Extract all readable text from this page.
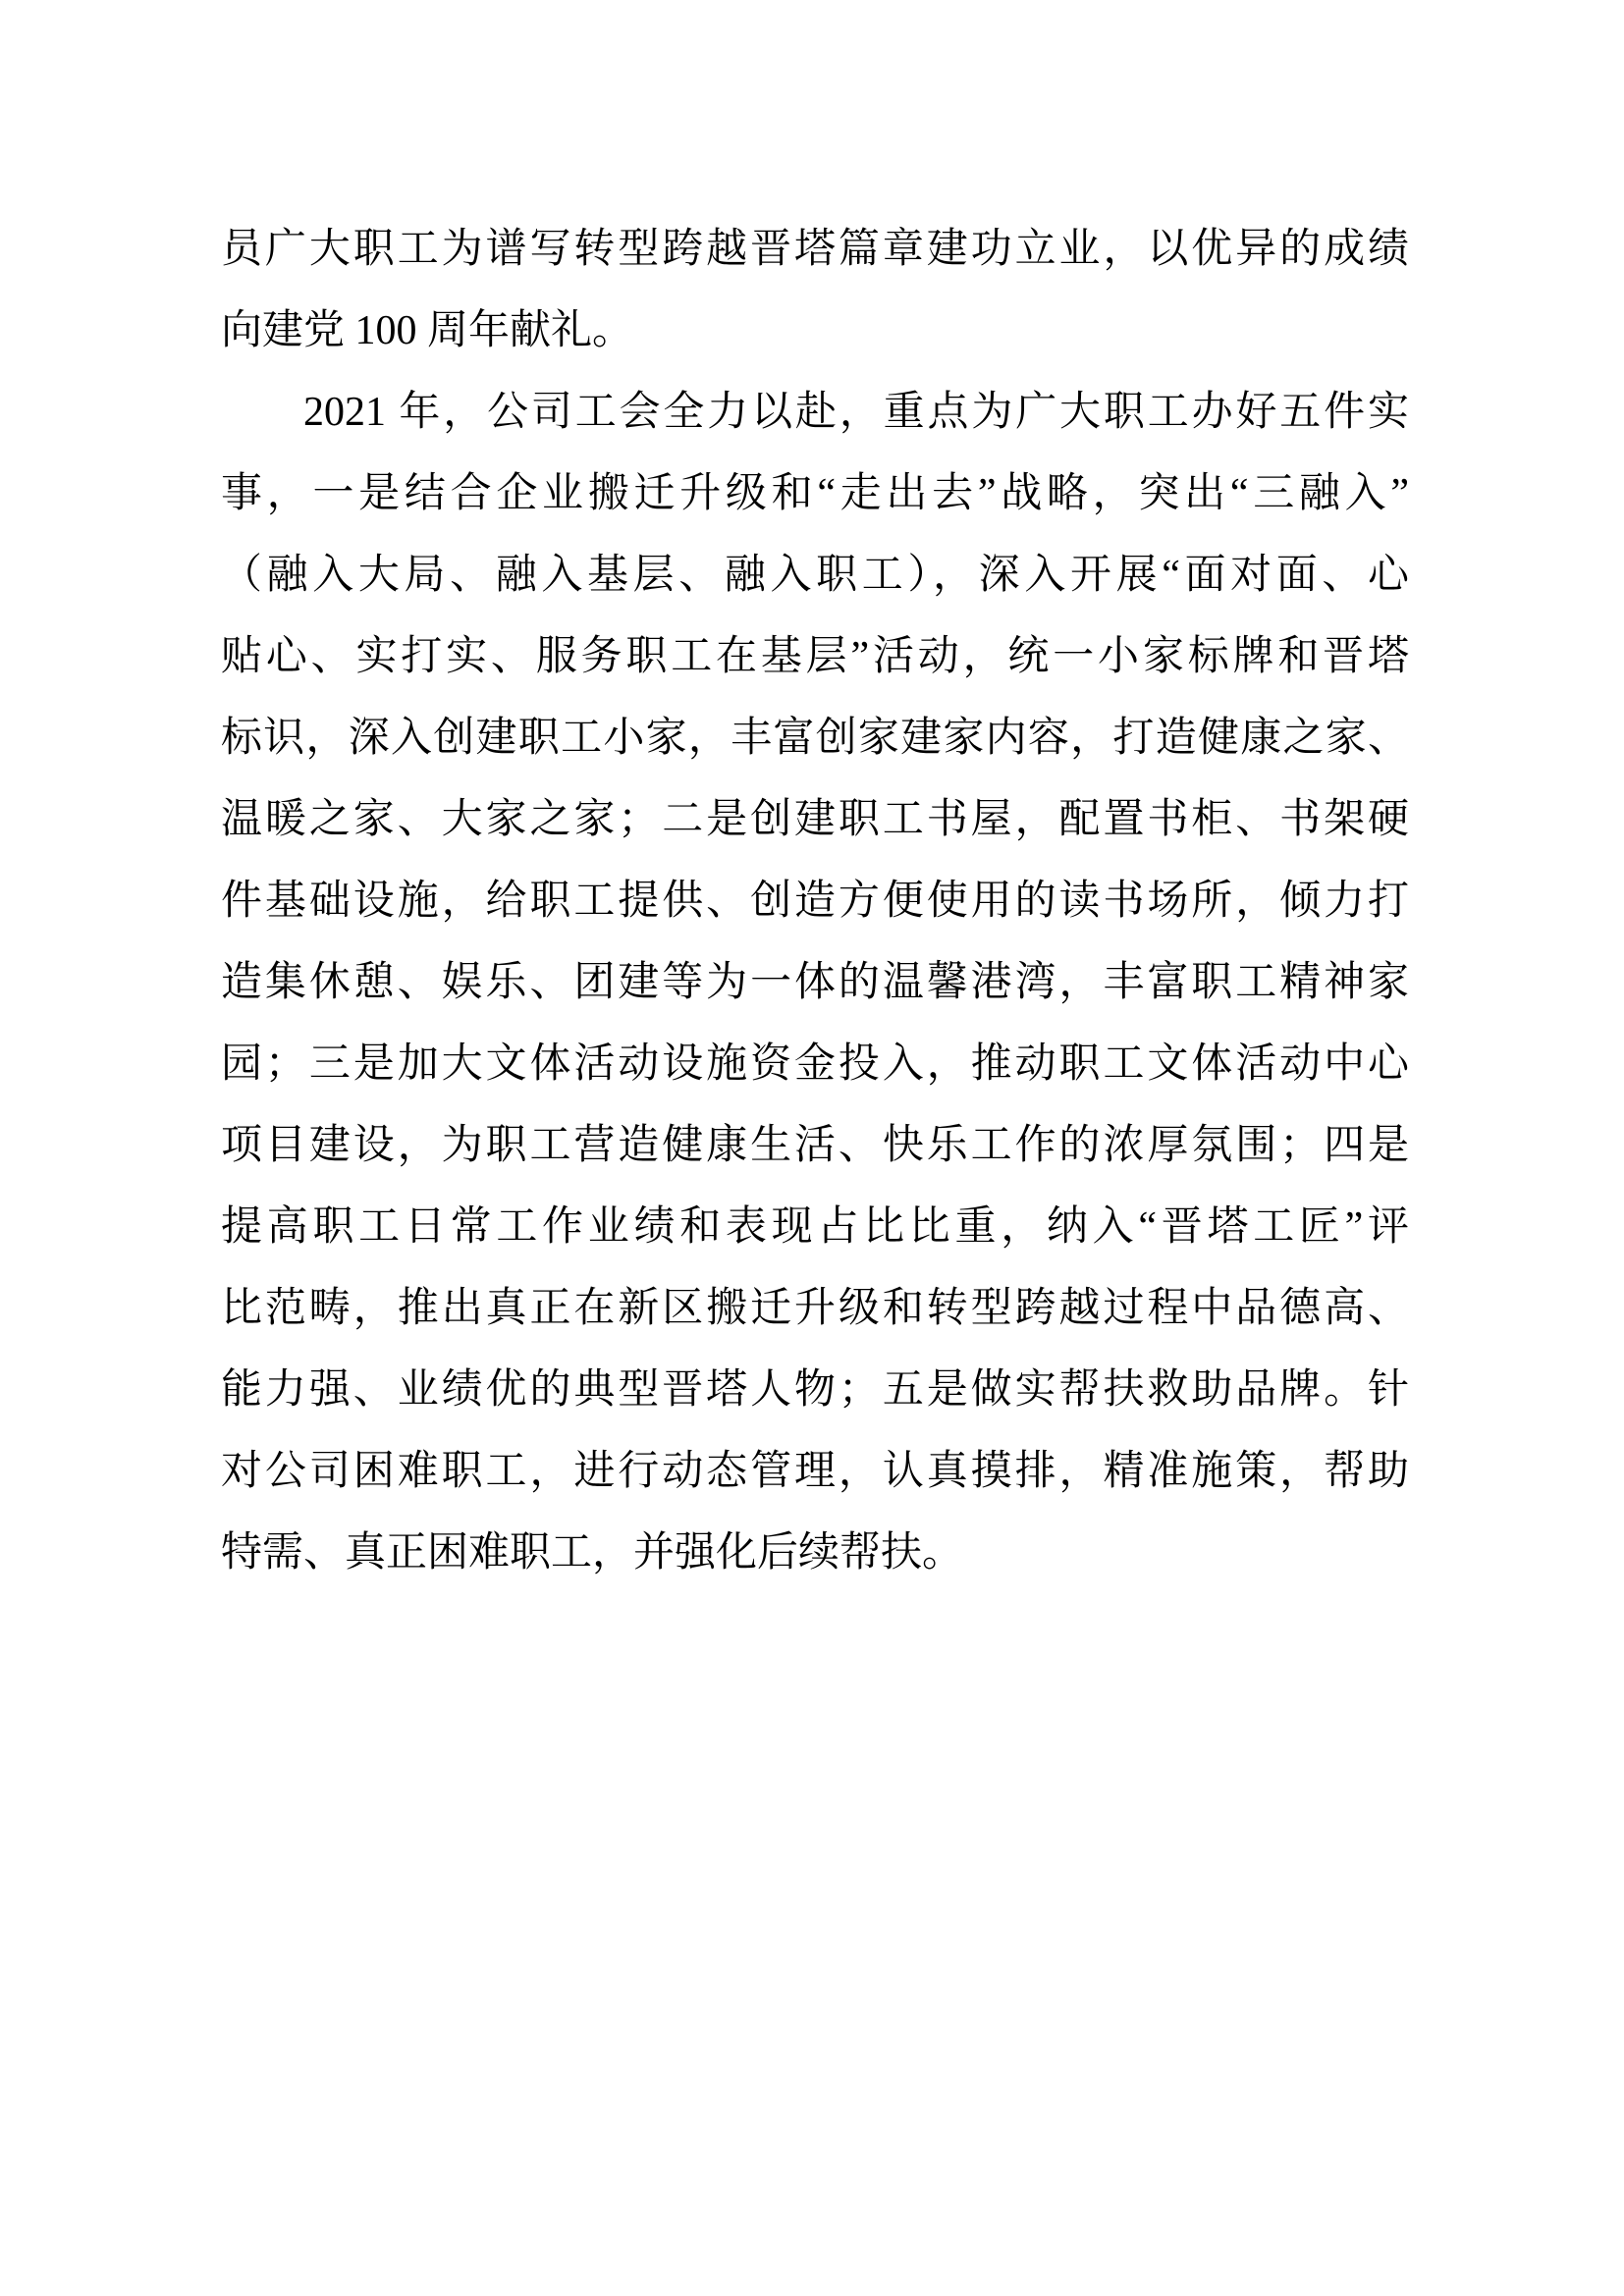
员广大职工为谱写转型跨越晋塔篇章建功立业，以优异的成绩
向建党 100 周年献礼。
2021 年，公司工会全力以赴，重点为广大职工办好五件实
事，一是结合企业搬迁升级和“走出去”战略，突出“三融入”
（融入大局、融入基层、融入职工），深入开展“面对面、心
贴心、实打实、服务职工在基层”活动，统一小家标牌和晋塔
标识，深入创建职工小家，丰富创家建家内容，打造健康之家、
温暖之家、大家之家；二是创建职工书屋，配置书柜、书架硬
件基础设施，给职工提供、创造方便使用的读书场所，倾力打
造集休憩、娱乐、团建等为一体的温馨港湾，丰富职工精神家
园；三是加大文体活动设施资金投入，推动职工文体活动中心
项目建设，为职工营造健康生活、快乐工作的浓厚氛围；四是
提高职工日常工作业绩和表现占比比重，纳入“晋塔工匠”评
比范畴，推出真正在新区搬迁升级和转型跨越过程中品德高、
能力强、业绩优的典型晋塔人物；五是做实帮扶救助品牌。针
对公司困难职工，进行动态管理，认真摸排，精准施策，帮助
特需、真正困难职工，并强化后续帮扶。
